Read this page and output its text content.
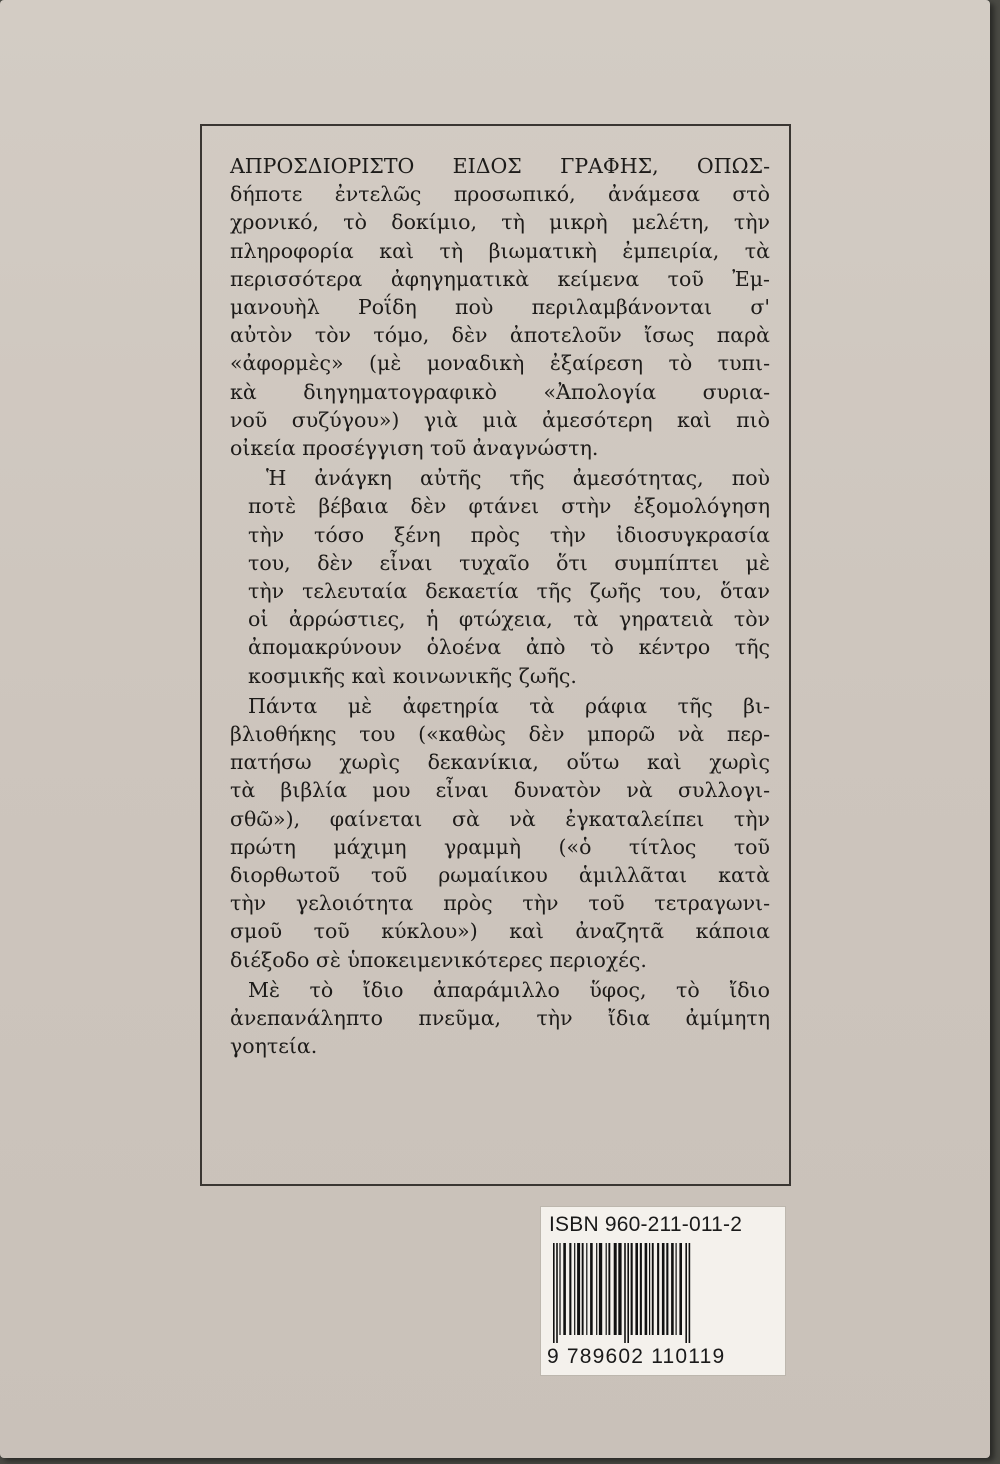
ΑΠΡΟΣΔΙΟΡΙΣΤΟ ΕΙΔΟΣ ΓΡΑΦΗΣ, ΟΠΩΣ-
δήποτε ἐντελῶς προσωπικό, ἀνάμεσα στὸ
χρονικό, τὸ δοκίμιο, τὴ μικρὴ μελέτη, τὴν
πληροφορία καὶ τὴ βιωματικὴ ἐμπειρία, τὰ
περισσότερα ἀφηγηματικὰ κείμενα τοῦ Ἐμ-
μανουὴλ Ροΐδη ποὺ περιλαμβάνονται σ'
αὐτὸν τὸν τόμο, δὲν ἀποτελοῦν ἴσως παρὰ
«ἀφορμὲς» (μὲ μοναδικὴ ἐξαίρεση τὸ τυπι-
κὰ διηγηματογραφικὸ «Ἀπολογία συρια-
νοῦ συζύγου») γιὰ μιὰ ἀμεσότερη καὶ πιὸ
οἰκεία προσέγγιση τοῦ ἀναγνώστη.

Ἡ ἀνάγκη αὐτῆς τῆς ἀμεσότητας, ποὺ
ποτὲ βέβαια δὲν φτάνει στὴν ἐξομολόγηση
τὴν τόσο ξένη πρὸς τὴν ἰδιοσυγκρασία
του, δὲν εἶναι τυχαῖο ὅτι συμπίπτει μὲ
τὴν τελευταία δεκαετία τῆς ζωῆς του, ὅταν
οἱ ἀρρώστιες, ἡ φτώχεια, τὰ γηρατειὰ τὸν
ἀπομακρύνουν ὁλοένα ἀπὸ τὸ κέντρο τῆς
κοσμικῆς καὶ κοινωνικῆς ζωῆς.

Πάντα μὲ ἀφετηρία τὰ ράφια τῆς βι-
βλιοθήκης του («καθὼς δὲν μπορῶ νὰ περ-
πατήσω χωρὶς δεκανίκια, οὕτω καὶ χωρὶς
τὰ βιβλία μου εἶναι δυνατὸν νὰ συλλογι-
σθῶ»), φαίνεται σὰ νὰ ἐγκαταλείπει τὴν
πρώτη μάχιμη γραμμὴ («ὁ τίτλος τοῦ
διορθωτοῦ τοῦ ρωμαίικου ἁμιλλᾶται κατὰ
τὴν γελοιότητα πρὸς τὴν τοῦ τετραγωνι-
σμοῦ τοῦ κύκλου») καὶ ἀναζητᾶ κάποια
διέξοδο σὲ ὑποκειμενικότερες περιοχές.

Μὲ τὸ ἴδιο ἀπαράμιλλο ὕφος, τὸ ἴδιο
ἀνεπανάληπτο πνεῦμα, τὴν ἴδια ἀμίμητη
γοητεία.

ISBN 960-211-011-2
9 789602 110119
